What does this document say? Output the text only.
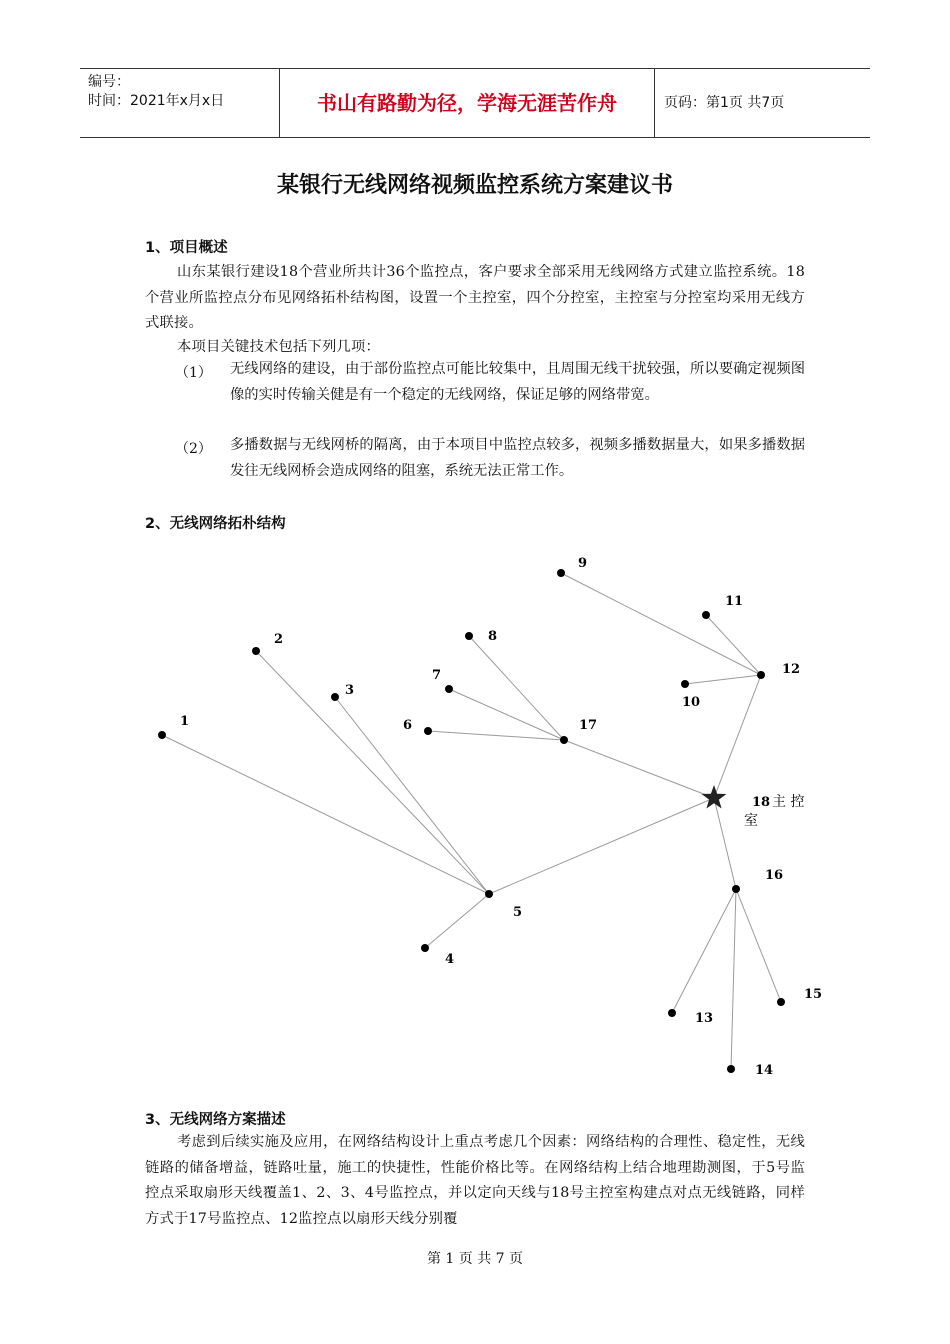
编号：
时间：2021年x月x日	书山有路勤为径，学海无涯苦作舟	页码：第1页 共7页
某银行无线网络视频监控系统方案建议书
1、项目概述
山东某银行建设18个营业所共计36个监控点，客户要求全部采用无线网络方式建立监控系统。18个营业所监控点分布见网络拓朴结构图，设置一个主控室，四个分控室，主控室与分控室均采用无线方式联接。
本项目关键技术包括下列几项：
（1） 无线网络的建设，由于部份监控点可能比较集中，且周围无线干扰较强，所以要确定视频图像的实时传输关健是有一个稳定的无线网络，保证足够的网络带宽。
（2） 多播数据与无线网桥的隔离，由于本项目中监控点较多，视频多播数据量大，如果多播数据发往无线网桥会造成网络的阻塞，系统无法正常工作。
2、无线网络拓朴结构
1
2
3
4
5
6
7
8
9
10
11
12
13
14
15
16
17
18 主 控
室
3、无线网络方案描述
考虑到后续实施及应用，在网络结构设计上重点考虑几个因素：网络结构的合理性、稳定性，无线链路的储备增益，链路吐量，施工的快捷性，性能价格比等。在网络结构上结合地理勘测图，于5号监控点采取扇形天线覆盖1、2、3、4号监控点，并以定向天线与18号主控室构建点对点无线链路，同样方式于17号监控点、12监控点以扇形天线分别覆
第 1 页 共 7 页
